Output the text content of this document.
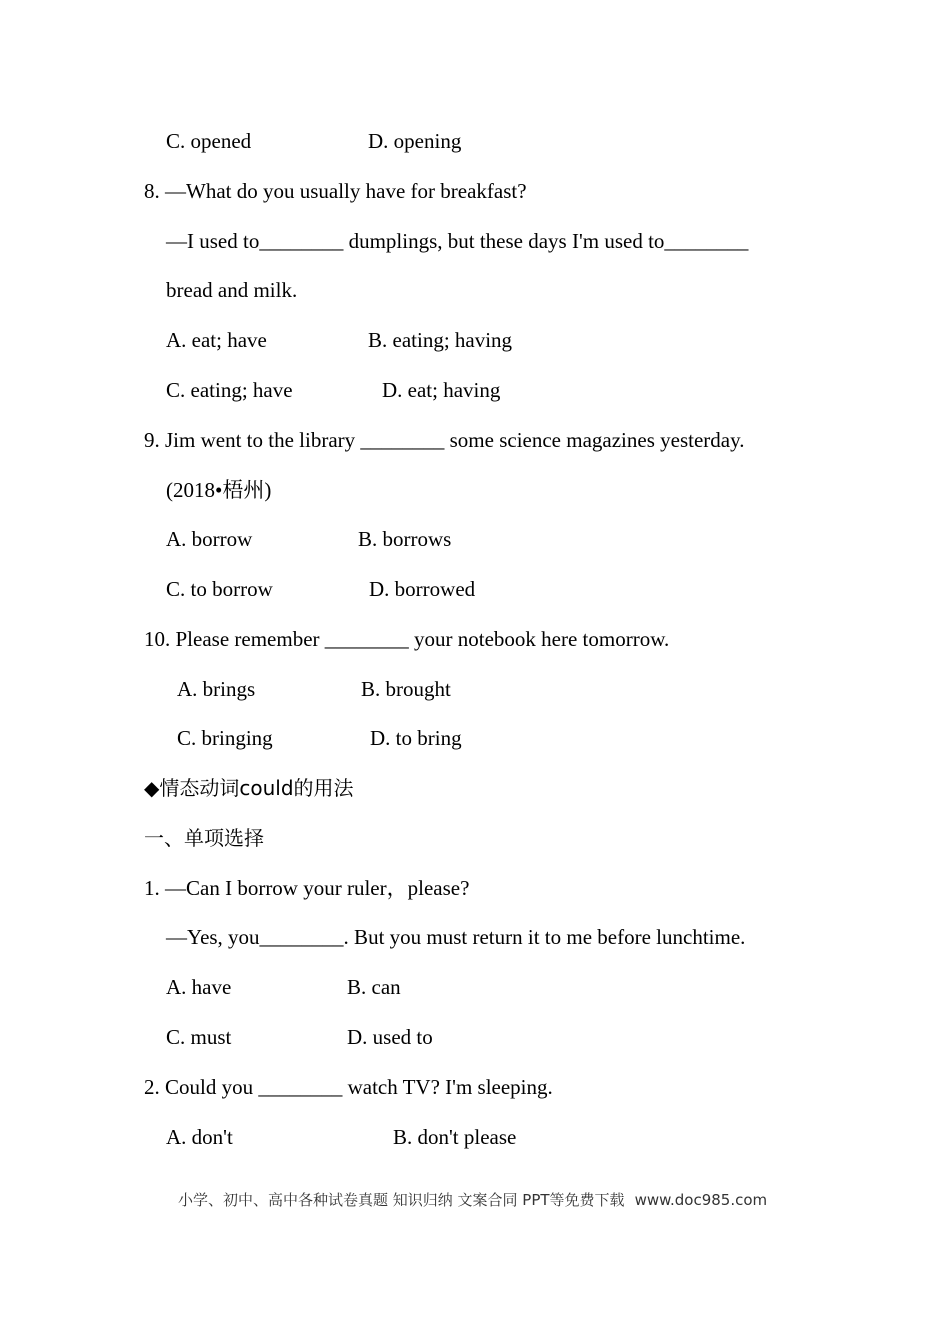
C. opened	D. opening
8. —What do you usually have for breakfast?
—I used to________ dumplings, but these days I'm used to________
bread and milk.
A. eat; have	B. eating; having
C. eating; have	D. eat; having
9. Jim went to the library ________ some science magazines yesterday.
(2018•梧州)
A. borrow	B. borrows
C. to borrow	D. borrowed
10. Please remember ________ your notebook here tomorrow.
A. brings	B. brought
C. bringing	D. to bring
◆情态动词could的用法
一、单项选择
1. —Can I borrow your ruler，please?
—Yes, you________. But you must return it to me before lunchtime.
A. have	B. can
C. must	D. used to
2. Could you ________ watch TV? I'm sleeping.
A. don't	B. don't please
小学、初中、高中各种试卷真题 知识归纳 文案合同 PPT等免费下载 www.doc985.com
